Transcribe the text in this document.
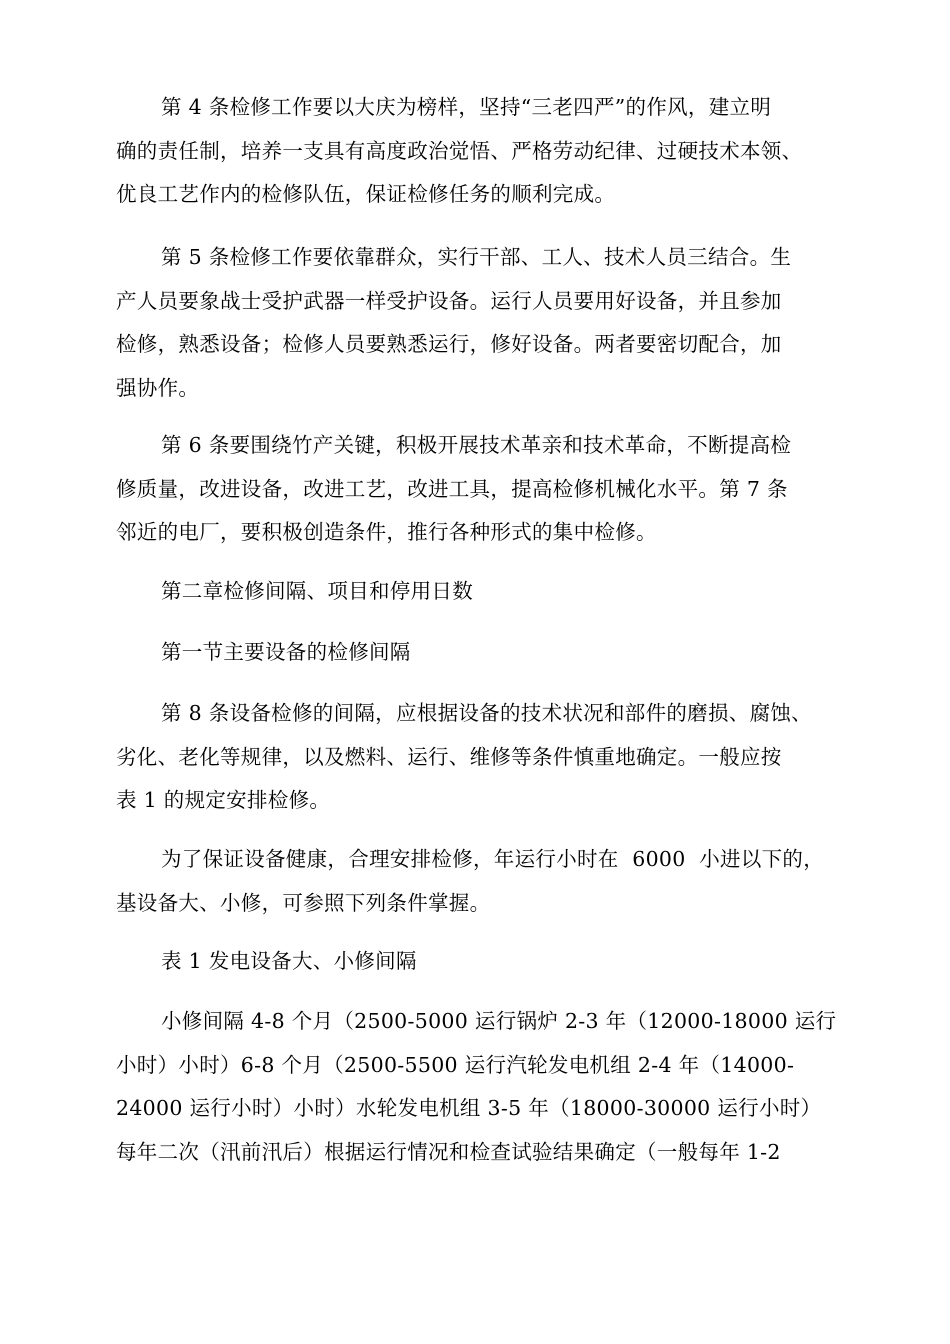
第 4 条检修工作要以大庆为榜样，坚持“三老四严”的作风，建立明
确的责任制，培养一支具有高度政治觉悟、严格劳动纪律、过硬技术本领、
优良工艺作内的检修队伍，保证检修任务的顺利完成。

第 5 条检修工作要依靠群众，实行干部、工人、技术人员三结合。生
产人员要象战士受护武器一样受护设备。运行人员要用好设备，并且参加
检修，熟悉设备；检修人员要熟悉运行，修好设备。两者要密切配合，加
强协作。

第 6 条要围绕竹产关键，积极开展技术革亲和技术革命，不断提高检
修质量，改进设备，改进工艺，改进工具，提高检修机械化水平。第 7 条
邻近的电厂，要积极创造条件，推行各种形式的集中检修。

第二章检修间隔、项目和停用日数

第一节主要设备的检修间隔

第 8 条设备检修的间隔，应根据设备的技术状况和部件的磨损、腐蚀、
劣化、老化等规律，以及燃料、运行、维修等条件慎重地确定。一般应按
表 1 的规定安排检修。

为了保证设备健康，合理安排检修，年运行小时在  6000  小进以下的，
基设备大、小修，可参照下列条件掌握。

表 1 发电设备大、小修间隔

小修间隔 4-8 个月（2500-5000 运行锅炉 2-3 年（12000-18000 运行
小时）小时）6-8 个月（2500-5500 运行汽轮发电机组 2-4 年（14000-
24000 运行小时）小时）水轮发电机组 3-5 年（18000-30000 运行小时）
每年二次（汛前汛后）根据运行情况和检查试验结果确定（一般每年 1-2
